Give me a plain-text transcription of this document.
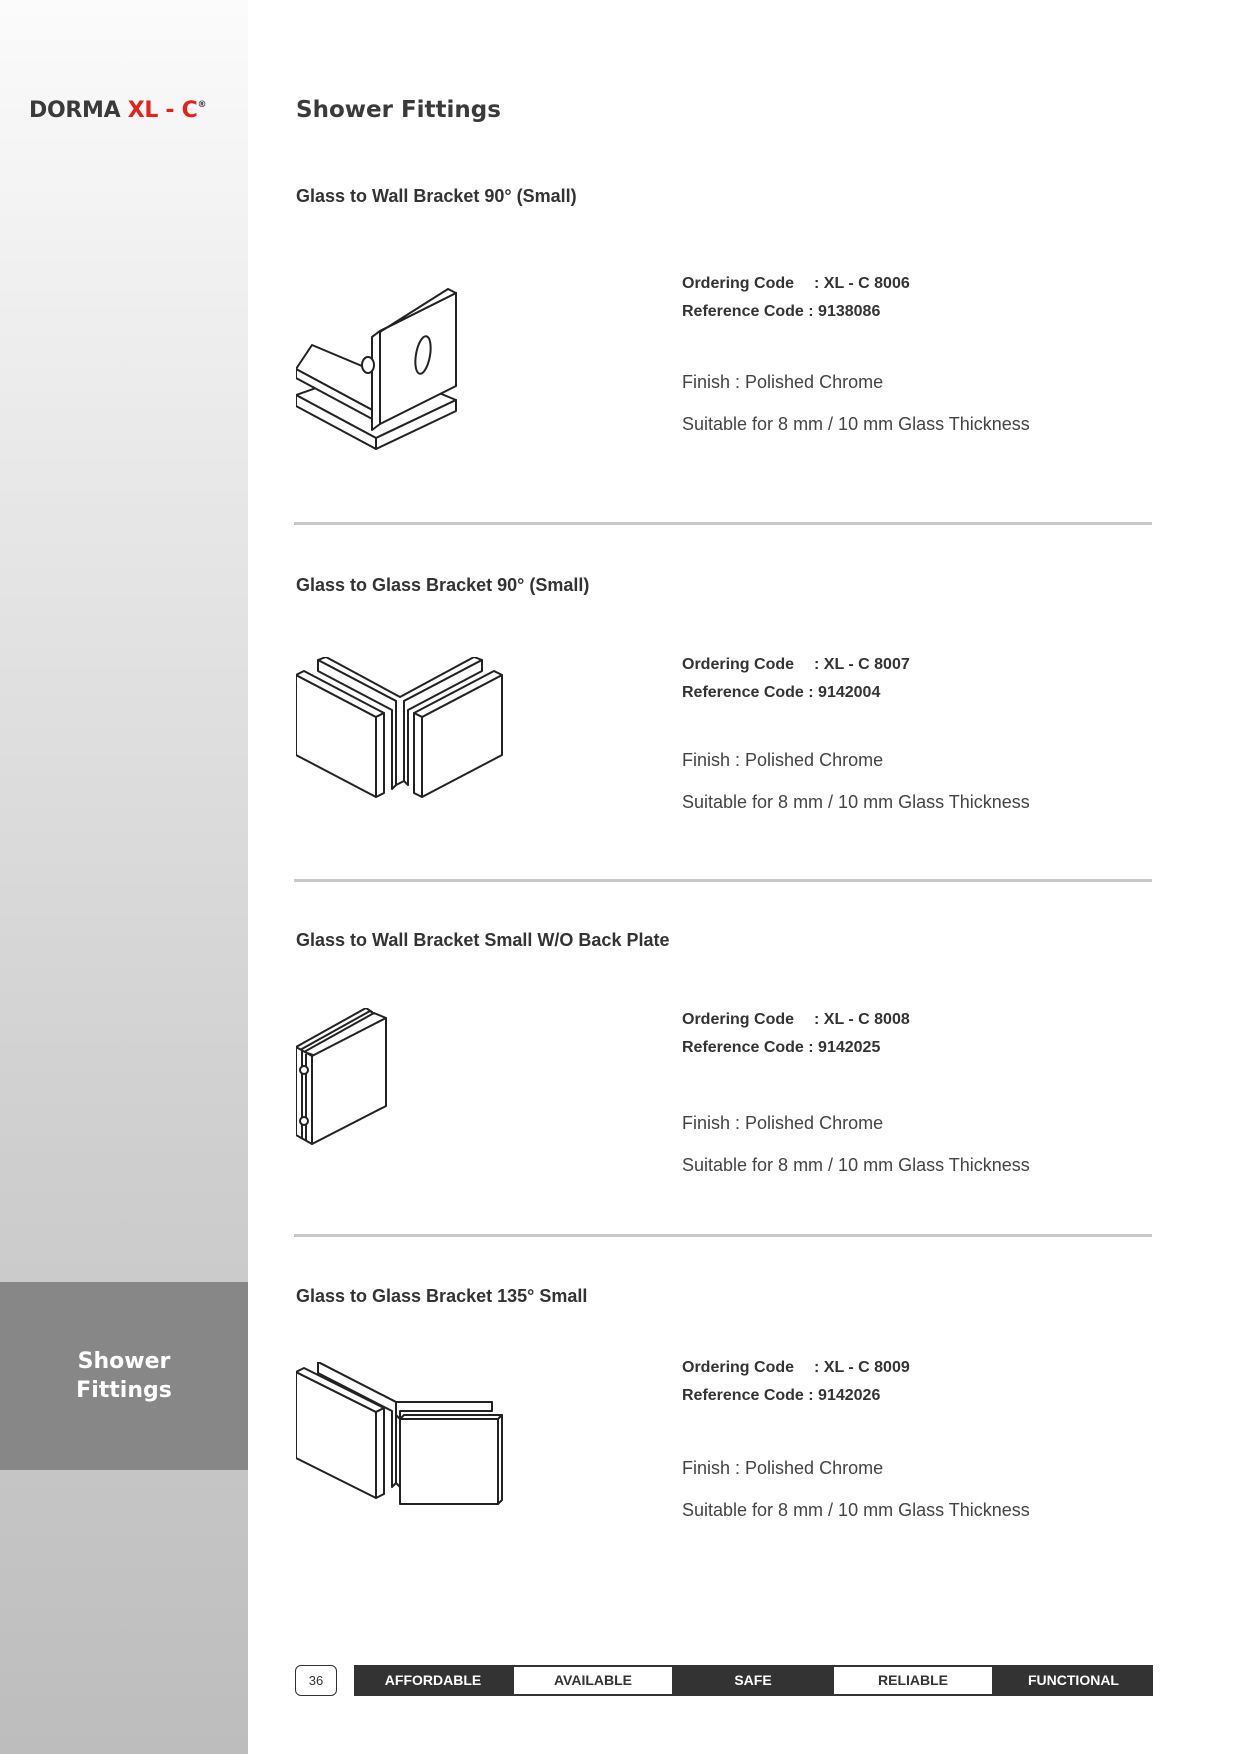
DORMA XL - C®
Shower
Fittings
Shower Fittings
Glass to Wall Bracket 90° (Small)
Ordering Code : XL - C 8006
Reference Code : 9138086
Finish : Polished Chrome
Suitable for 8 mm / 10 mm Glass Thickness
Glass to Glass Bracket 90° (Small)
Ordering Code : XL - C 8007
Reference Code : 9142004
Finish : Polished Chrome
Suitable for 8 mm / 10 mm Glass Thickness
Glass to Wall Bracket Small W/O Back Plate
Ordering Code : XL - C 8008
Reference Code : 9142025
Finish : Polished Chrome
Suitable for 8 mm / 10 mm Glass Thickness
Glass to Glass Bracket 135° Small
Ordering Code : XL - C 8009
Reference Code : 9142026
Finish : Polished Chrome
Suitable for 8 mm / 10 mm Glass Thickness
36	AFFORDABLE	AVAILABLE	SAFE	RELIABLE	FUNCTIONAL
